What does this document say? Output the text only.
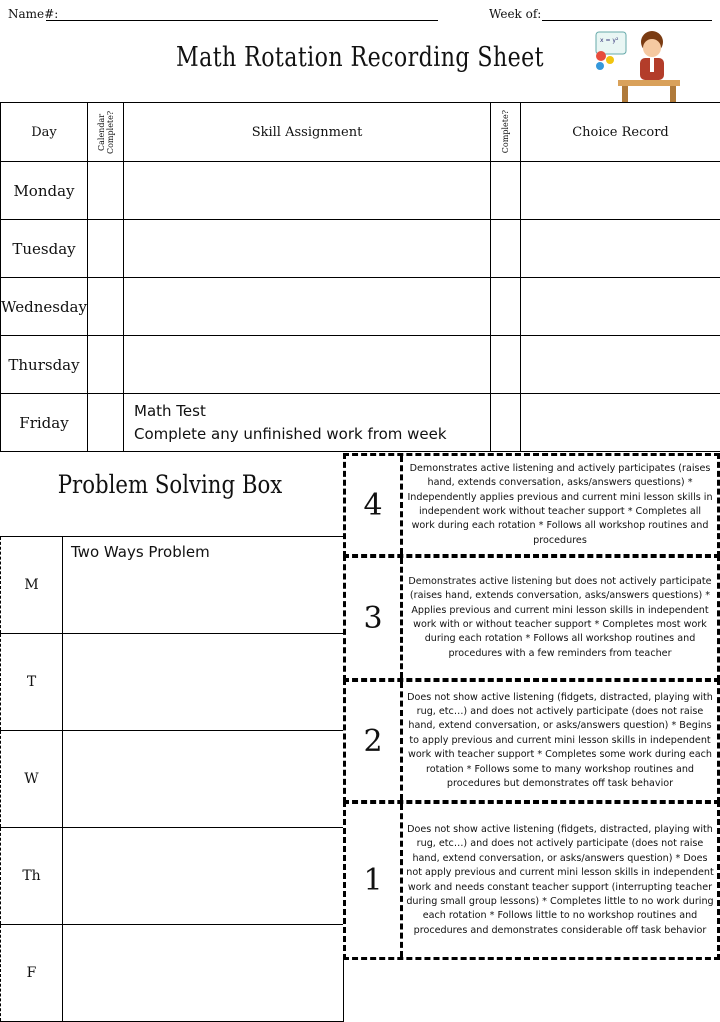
Name#:	Week of:
Math Rotation Recording Sheet
x = y²
Day	Calendar Complete?	Skill Assignment	Complete?	Choice Record
Monday		

Tuesday		

Wednesday		

Thursday		

Friday		Math Test
Complete any unfinished work from week		

Problem Solving Box
M	Two Ways Problem
T	
W	
Th	
F	
4
Demonstrates active listening and actively participates (raises hand, extends conversation, asks/answers questions) * Independently applies previous and current mini lesson skills in independent work without teacher support * Completes all work during each rotation * Follows all workshop routines and procedures
3
Demonstrates active listening but does not actively participate (raises hand, extends conversation, asks/answers questions) * Applies previous and current mini lesson skills in independent work with or without teacher support * Completes most work during each rotation * Follows all workshop routines and procedures with a few reminders from teacher
2
Does not show active listening (fidgets, distracted, playing with rug, etc…) and does not actively participate (does not raise hand, extend conversation, or asks/answers question) * Begins to apply previous and current mini lesson skills in independent work with teacher support * Completes some work during each rotation * Follows some to many workshop routines and procedures but demonstrates off task behavior
1
Does not show active listening (fidgets, distracted, playing with rug, etc…) and does not actively participate (does not raise hand, extend conversation, or asks/answers question) * Does not apply previous and current mini lesson skills in independent work and needs constant teacher support (interrupting teacher during small group lessons) * Completes little to no work during each rotation * Follows little to no workshop routines and procedures and demonstrates considerable off task behavior
